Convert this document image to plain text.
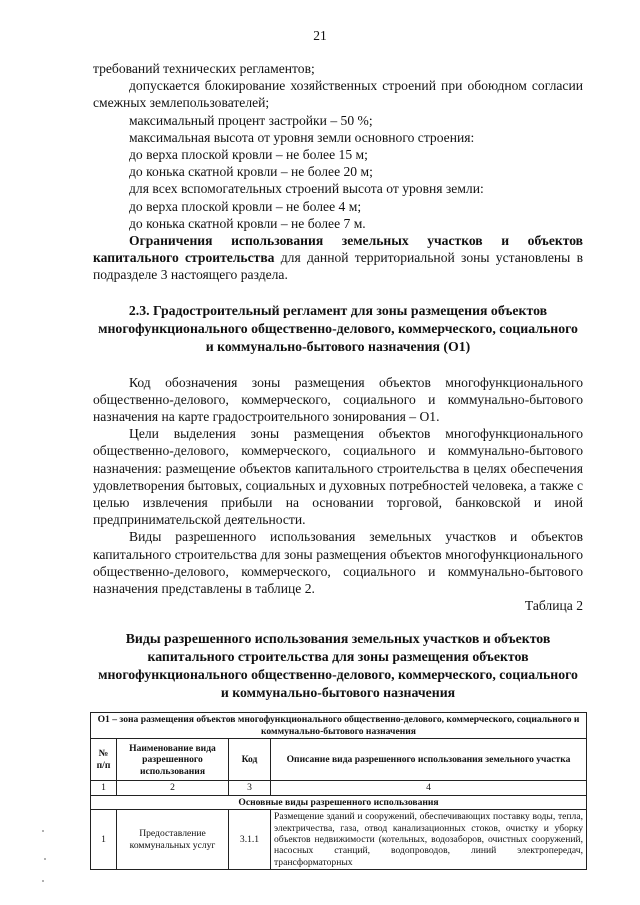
21

требований технических регламентов;

допускается блокирование хозяйственных строений при обоюдном согласии смежных землепользователей;

максимальный процент застройки – 50 %;

максимальная высота от уровня земли основного строения:

до верха плоской кровли – не более 15 м;

до конька скатной кровли – не более 20 м;

для всех вспомогательных строений высота от уровня земли:

до верха плоской кровли – не более 4 м;

до конька скатной кровли – не более 7 м.

Ограничения использования земельных участков и объектов капитального строительства для данной территориальной зоны установлены в подразделе 3 настоящего раздела.

2.3. Градостроительный регламент для зоны размещения объектов многофункционального общественно-делового, коммерческого, социального и коммунально-бытового назначения (О1)

Код обозначения зоны размещения объектов многофункционального общественно-делового, коммерческого, социального и коммунально-бытового назначения на карте градостроительного зонирования – О1.

Цели выделения зоны размещения объектов многофункционального общественно-делового, коммерческого, социального и коммунально-бытового назначения: размещение объектов капитального строительства в целях обеспечения удовлетворения бытовых, социальных и духовных потребностей человека, а также с целью извлечения прибыли на основании торговой, банковской и иной предпринимательской деятельности.

Виды разрешенного использования земельных участков и объектов капитального строительства для зоны размещения объектов многофункционального общественно-делового, коммерческого, социального и коммунально-бытового назначения представлены в таблице 2.

Таблица 2

Виды разрешенного использования земельных участков и объектов капитального строительства для зоны размещения объектов многофункционального общественно-делового, коммерческого, социального и коммунально-бытового назначения

О1 – зона размещения объектов многофункционального общественно-делового, коммерческого, социального и коммунально-бытового назначения			
№ п/п	Наименование вида разрешенного использования	Код	Описание вида разрешенного использования земельного участка
1	2	3	4
Основные виды разрешенного использования			
1	Предоставление коммунальных услуг	3.1.1	Размещение зданий и сооружений, обеспечивающих поставку воды, тепла, электричества, газа, отвод канализационных стоков, очистку и уборку объектов недвижимости (котельных, водозаборов, очистных сооружений, насосных станций, водопроводов, линий электропередач, трансформаторных
